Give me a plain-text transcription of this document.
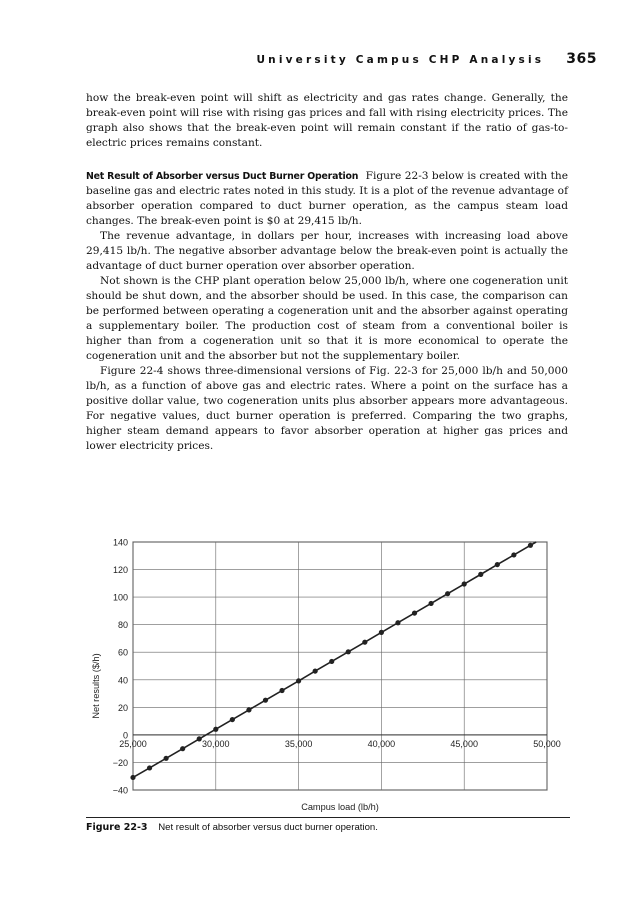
University Campus CHP Analysis 365

how the break-even point will shift as electricity and gas rates change. Generally, the break-even point will rise with rising gas prices and fall with rising electricity prices. The graph also shows that the break-even point will remain constant if the ratio of gas-to-electric prices remains constant.

Net Result of Absorber versus Duct Burner Operation Figure 22-3 below is created with the baseline gas and electric rates noted in this study. It is a plot of the revenue advantage of absorber operation compared to duct burner operation, as the campus steam load changes. The break-even point is $0 at 29,415 lb/h.

The revenue advantage, in dollars per hour, increases with increasing load above 29,415 lb/h. The negative absorber advantage below the break-even point is actually the advantage of duct burner operation over absorber operation.

Not shown is the CHP plant operation below 25,000 lb/h, where one cogeneration unit should be shut down, and the absorber should be used. In this case, the comparison can be performed between operating a cogeneration unit and the absorber against operating a supplementary boiler. The production cost of steam from a conventional boiler is higher than from a cogeneration unit so that it is more economical to operate the cogeneration unit and the absorber but not the supplementary boiler.

Figure 22-4 shows three-dimensional versions of Fig. 22-3 for 25,000 lb/h and 50,000 lb/h, as a function of above gas and electric rates. Where a point on the surface has a positive dollar value, two cogeneration units plus absorber appears more advantageous. For negative values, duct burner operation is preferred. Comparing the two graphs, higher steam demand appears to favor absorber operation at higher gas prices and lower electricity prices.

140
120
100
80
60
40
20
0
−20
−40
25,000	30,000	35,000	40,000	45,000	50,000
Campus load (lb/h)
Net results ($/h)
Figure 22-3 Net result of absorber versus duct burner operation.
